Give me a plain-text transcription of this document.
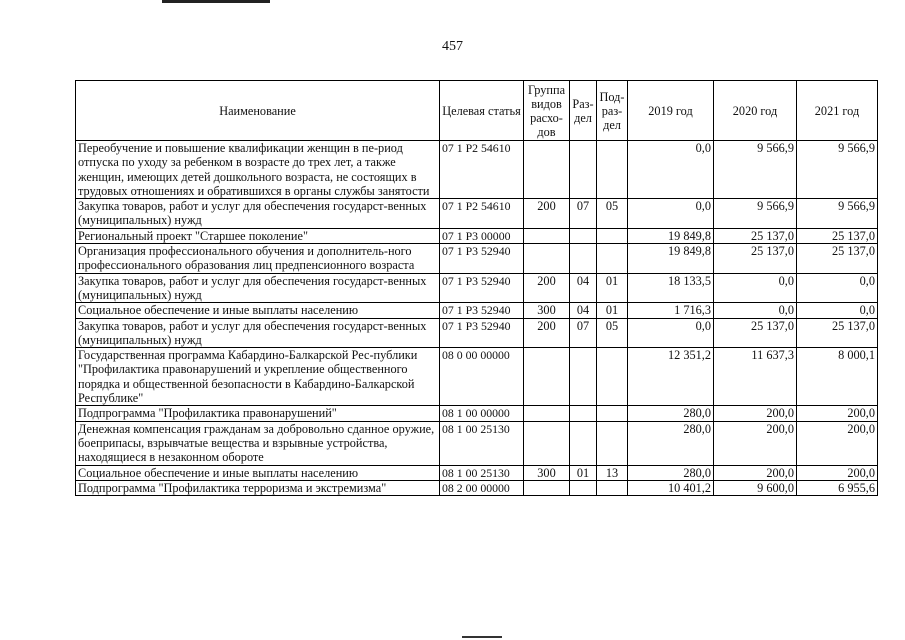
457
Наименование	Целевая статья	Группа видов расхо-дов	Раз-дел	Под-раз-дел	2019 год	2020 год	2021 год
Переобучение и повышение квалификации женщин в пе-риод отпуска по уходу за ребенком в возрасте до трех лет, а также женщин, имеющих детей дошкольного возраста, не состоящих в трудовых отношениях и обратившихся в органы службы занятости	07 1 P2 54610				0,0	9 566,9	9 566,9
Закупка товаров, работ и услуг для обеспечения государст-венных (муниципальных) нужд	07 1 P2 54610	200	07	05	0,0	9 566,9	9 566,9
Региональный проект "Старшее поколение"	07 1 P3 00000				19 849,8	25 137,0	25 137,0
Организация профессионального обучения и дополнитель-ного профессионального образования лиц предпенсионного возраста	07 1 P3 52940				19 849,8	25 137,0	25 137,0
Закупка товаров, работ и услуг для обеспечения государст-венных (муниципальных) нужд	07 1 P3 52940	200	04	01	18 133,5	0,0	0,0
Социальное обеспечение и иные выплаты населению	07 1 P3 52940	300	04	01	1 716,3	0,0	0,0
Закупка товаров, работ и услуг для обеспечения государст-венных (муниципальных) нужд	07 1 P3 52940	200	07	05	0,0	25 137,0	25 137,0
Государственная программа Кабардино-Балкарской Рес-публики "Профилактика правонарушений и укрепление общественного порядка и общественной безопасности в Кабардино-Балкарской Республике"	08 0 00 00000				12 351,2	11 637,3	8 000,1
Подпрограмма "Профилактика правонарушений"	08 1 00 00000				280,0	200,0	200,0
Денежная компенсация гражданам за добровольно сданное оружие, боеприпасы, взрывчатые вещества и взрывные устройства, находящиеся в незаконном обороте	08 1 00 25130				280,0	200,0	200,0
Социальное обеспечение и иные выплаты населению	08 1 00 25130	300	01	13	280,0	200,0	200,0
Подпрограмма "Профилактика терроризма и экстремизма"	08 2 00 00000				10 401,2	9 600,0	6 955,6
